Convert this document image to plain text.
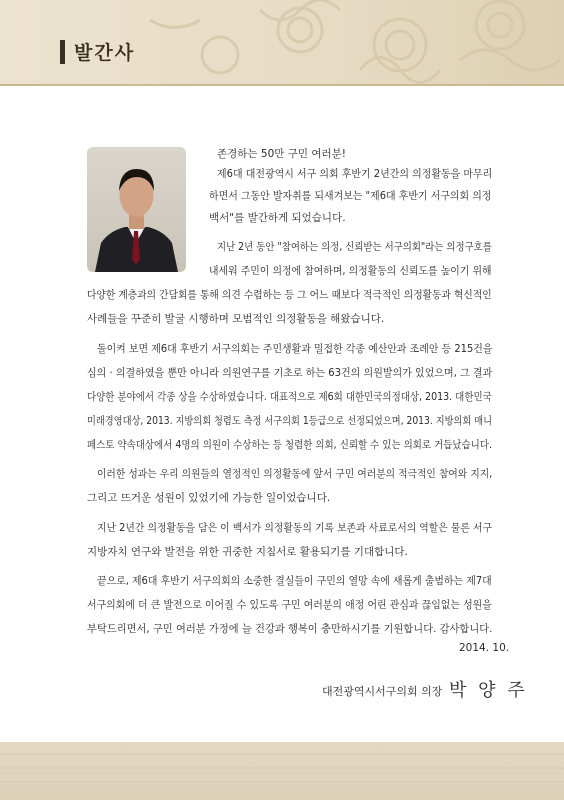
발간사
존경하는 50만 구민 여러분!
제6대 대전광역시 서구 의회 후반기 2년간의 의정활동을 마무리
하면서 그동안 발자취를 되새겨보는 "제6대 후반기 서구의회 의정
백서"를 발간하게 되었습니다.
지난 2년 동안 "참여하는 의정, 신뢰받는 서구의회"라는 의정구호를
내세워 주민이 의정에 참여하며, 의정활동의 신뢰도를 높이기 위해
다양한 계층과의 간담회를 통해 의견 수렴하는 등 그 어느 때보다 적극적인 의정활동과 혁신적인
사례들을 꾸준히 발굴 시행하며 모범적인 의정활동을 해왔습니다.
돌이켜 보면 제6대 후반기 서구의회는 주민생활과 밀접한 각종 예산안과 조례안 등 215건을
심의 · 의결하였을 뿐만 아니라 의원연구를 기초로 하는 63건의 의원발의가 있었으며, 그 결과
다양한 분야에서 각종 상을 수상하였습니다. 대표적으로 제6회 대한민국의정대상, 2013. 대한민국
미래경영대상, 2013. 지방의회 청렴도 측정 서구의회 1등급으로 선정되었으며, 2013. 지방의회 매니
페스토 약속대상에서 4명의 의원이 수상하는 등 청렴한 의회, 신뢰할 수 있는 의회로 거듭났습니다.
이러한 성과는 우리 의원들의 열정적인 의정활동에 앞서 구민 여러분의 적극적인 참여와 지지,
그리고 뜨거운 성원이 있었기에 가능한 일이었습니다.
지난 2년간 의정활동을 담은 이 백서가 의정활동의 기록 보존과 사료로서의 역할은 물론 서구
지방자치 연구와 발전을 위한 귀중한 지침서로 활용되기를 기대합니다.
끝으로, 제6대 후반기 서구의회의 소중한 결실들이 구민의 열망 속에 새롭게 출범하는 제7대
서구의회에 더 큰 발전으로 이어질 수 있도록 구민 여러분의 애정 어린 관심과 끊임없는 성원을
부탁드리면서, 구민 여러분 가정에 늘 건강과 행복이 충만하시기를 기원합니다. 감사합니다.
2014. 10.
대전광역시서구의회 의장 박 양 주
